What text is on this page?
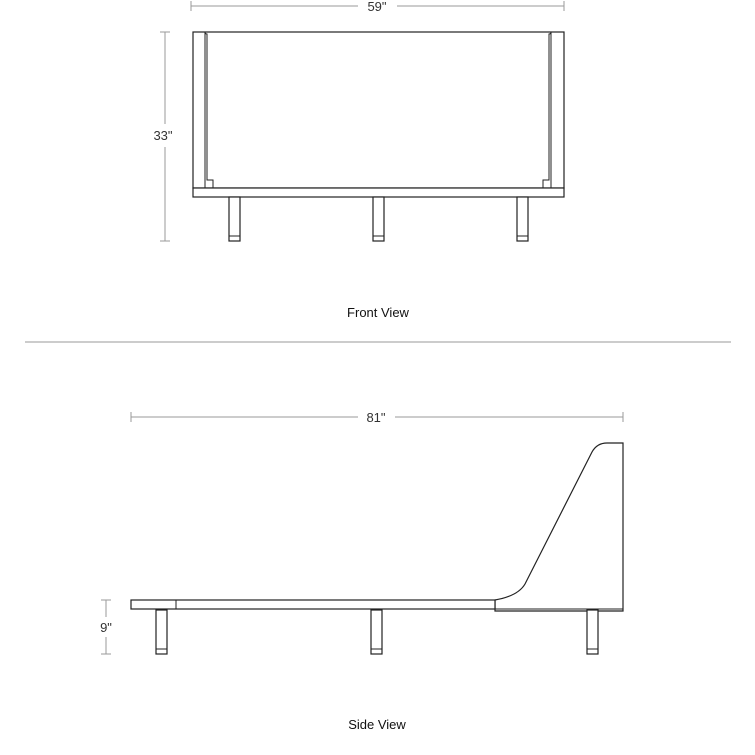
59"
33"
Front View
81"
9"
Side View
